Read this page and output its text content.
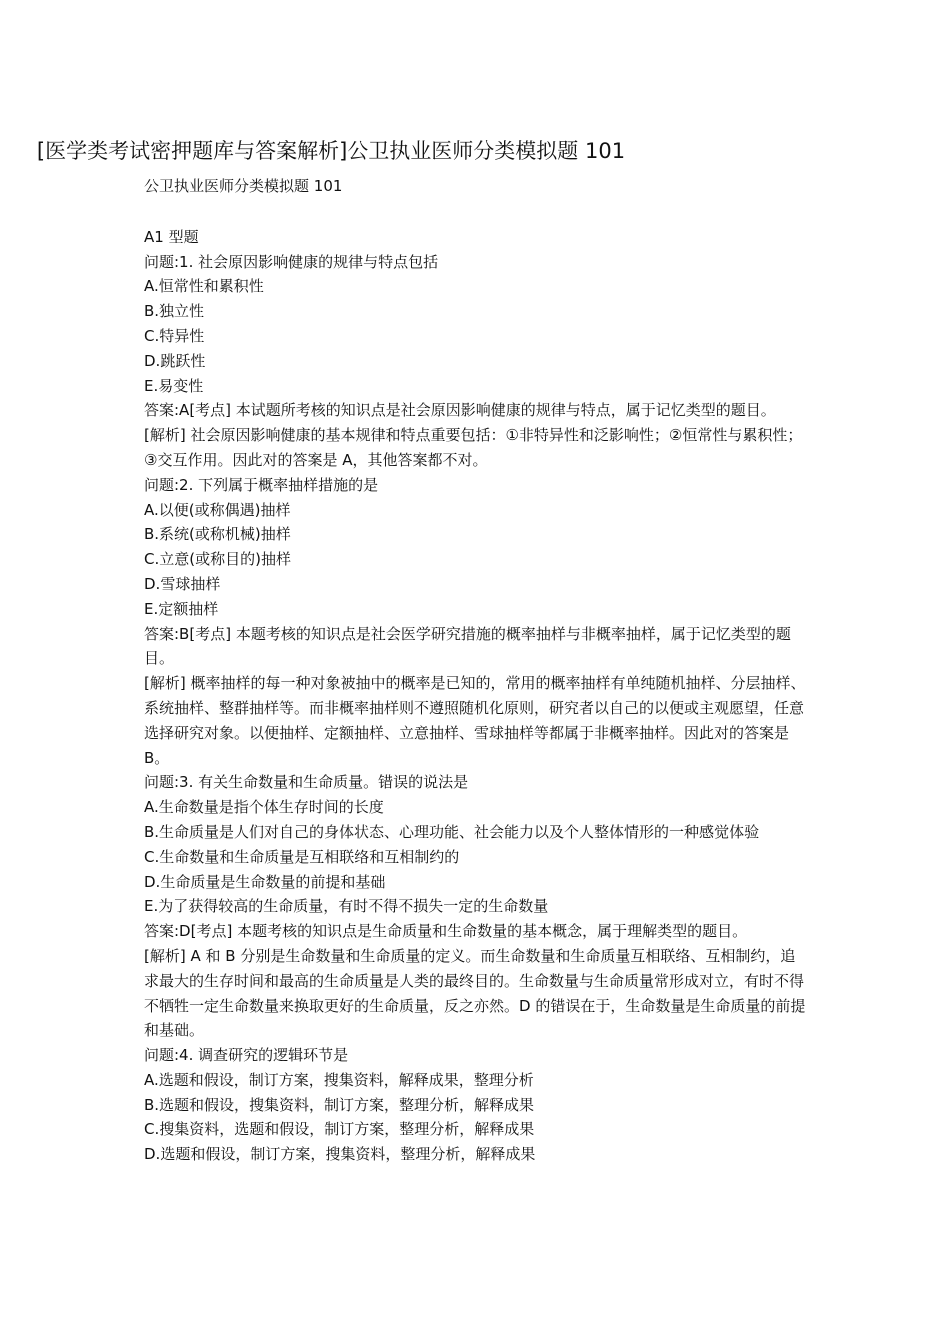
[医学类考试密押题库与答案解析]公卫执业医师分类模拟题 101

公卫执业医师分类模拟题 101

A1 型题

问题:1. 社会原因影响健康的规律与特点包括

A.恒常性和累积性

B.独立性

C.特异性

D.跳跃性

E.易变性

答案:A[考点] 本试题所考核的知识点是社会原因影响健康的规律与特点，属于记忆类型的题目。

[解析] 社会原因影响健康的基本规律和特点重要包括：①非特异性和泛影响性；②恒常性与累积性；③交互作用。因此对的答案是 A，其他答案都不对。

问题:2. 下列属于概率抽样措施的是

A.以便(或称偶遇)抽样

B.系统(或称机械)抽样

C.立意(或称目的)抽样

D.雪球抽样

E.定额抽样

答案:B[考点] 本题考核的知识点是社会医学研究措施的概率抽样与非概率抽样，属于记忆类型的题目。

[解析] 概率抽样的每一种对象被抽中的概率是已知的，常用的概率抽样有单纯随机抽样、分层抽样、系统抽样、整群抽样等。而非概率抽样则不遵照随机化原则，研究者以自己的以便或主观愿望，任意选择研究对象。以便抽样、定额抽样、立意抽样、雪球抽样等都属于非概率抽样。因此对的答案是 B。

问题:3. 有关生命数量和生命质量。错误的说法是

A.生命数量是指个体生存时间的长度

B.生命质量是人们对自己的身体状态、心理功能、社会能力以及个人整体情形的一种感觉体验

C.生命数量和生命质量是互相联络和互相制约的

D.生命质量是生命数量的前提和基础

E.为了获得较高的生命质量，有时不得不损失一定的生命数量

答案:D[考点] 本题考核的知识点是生命质量和生命数量的基本概念，属于理解类型的题目。

[解析] A 和 B 分别是生命数量和生命质量的定义。而生命数量和生命质量互相联络、互相制约，追求最大的生存时间和最高的生命质量是人类的最终目的。生命数量与生命质量常形成对立，有时不得不牺牲一定生命数量来换取更好的生命质量，反之亦然。D 的错误在于，生命数量是生命质量的前提和基础。

问题:4. 调查研究的逻辑环节是

A.选题和假设，制订方案，搜集资料，解释成果，整理分析

B.选题和假设，搜集资料，制订方案，整理分析，解释成果

C.搜集资料，选题和假设，制订方案，整理分析，解释成果

D.选题和假设，制订方案，搜集资料，整理分析，解释成果
